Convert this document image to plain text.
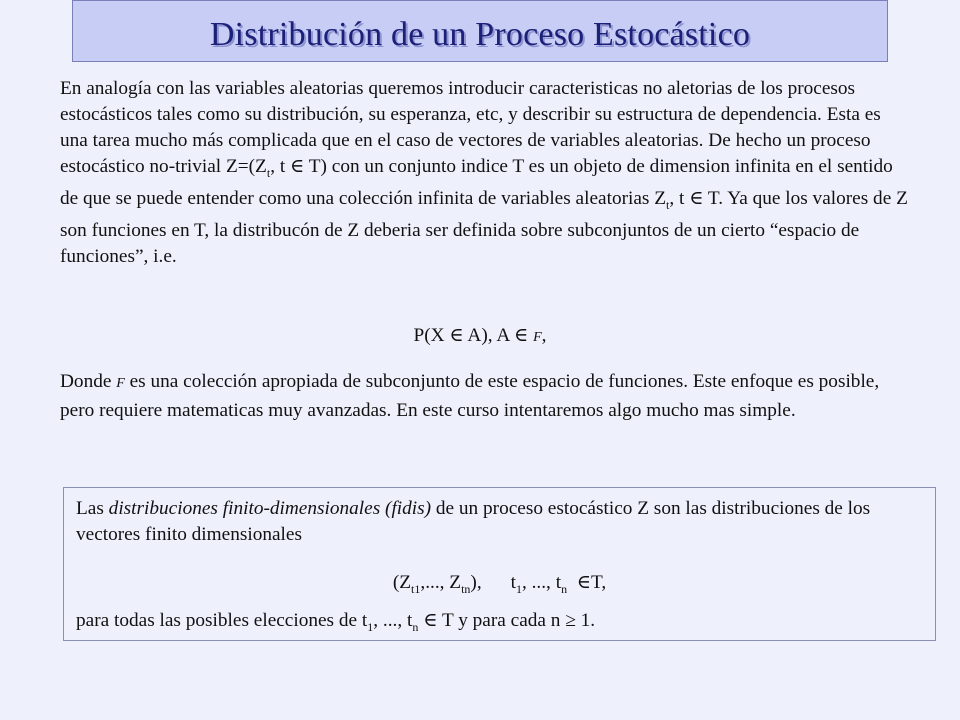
Distribución de un Proceso Estocástico

En analogía con las variables aleatorias queremos introducir caracteristicas no aletorias de los procesos estocásticos tales como su distribución, su esperanza, etc, y describir su estructura de dependencia. Esta es una tarea mucho más complicada que en el caso de vectores de variables aleatorias. De hecho un proceso estocástico no-trivial $Z=(Z_t$, t ∈ T) con un conjunto indice T es un objeto de dimension infinita en el sentido de que se puede entender como una colección infinita de variables aleatorias $Z_t$, t ∈ T. Ya que los valores de Z son funciones en T, la distribucón de Z deberia ser definida sobre subconjuntos de un cierto “espacio de funciones”, i.e.

P(X ∈ A), A ∈ F,

Donde F es una colección apropiada de subconjunto de este espacio de funciones. Este enfoque es posible, pero requiere matematicas muy avanzadas. En este curso intentaremos algo mucho mas simple.

Las distribuciones finito-dimensionales (fidis) de un proceso estocástico Z son las distribuciones de los vectores finito dimensionales

($Z_{t1}$,..., $Z_{tn}$),      $t_1$, ..., $t_n$  ∈T,

para todas las posibles elecciones de $t_1$, ..., $t_n$ ∈ T y para cada n ≥ 1.
